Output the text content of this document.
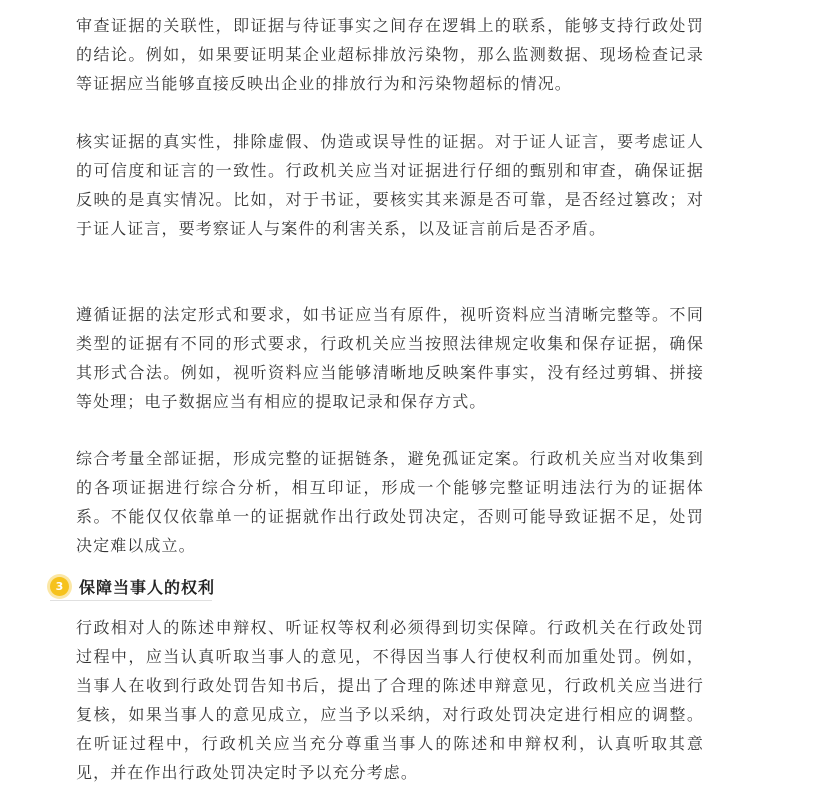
审查证据的关联性，即证据与待证事实之间存在逻辑上的联系，能够支持行政处罚的结论。例如，如果要证明某企业超标排放污染物，那么监测数据、现场检查记录等证据应当能够直接反映出企业的排放行为和污染物超标的情况。

核实证据的真实性，排除虚假、伪造或误导性的证据。对于证人证言，要考虑证人的可信度和证言的一致性。行政机关应当对证据进行仔细的甄别和审查，确保证据反映的是真实情况。比如，对于书证，要核实其来源是否可靠，是否经过篡改；对于证人证言，要考察证人与案件的利害关系，以及证言前后是否矛盾。

遵循证据的法定形式和要求，如书证应当有原件，视听资料应当清晰完整等。不同类型的证据有不同的形式要求，行政机关应当按照法律规定收集和保存证据，确保其形式合法。例如，视听资料应当能够清晰地反映案件事实，没有经过剪辑、拼接等处理；电子数据应当有相应的提取记录和保存方式。

综合考量全部证据，形成完整的证据链条，避免孤证定案。行政机关应当对收集到的各项证据进行综合分析，相互印证，形成一个能够完整证明违法行为的证据体系。不能仅仅依靠单一的证据就作出行政处罚决定，否则可能导致证据不足，处罚决定难以成立。

行政相对人的陈述申辩权、听证权等权利必须得到切实保障。行政机关在行政处罚过程中，应当认真听取当事人的意见，不得因当事人行使权利而加重处罚。例如，当事人在收到行政处罚告知书后，提出了合理的陈述申辩意见，行政机关应当进行复核，如果当事人的意见成立，应当予以采纳，对行政处罚决定进行相应的调整。在听证过程中，行政机关应当充分尊重当事人的陈述和申辩权利，认真听取其意见，并在作出行政处罚决定时予以充分考虑。

3 保障当事人的权利
